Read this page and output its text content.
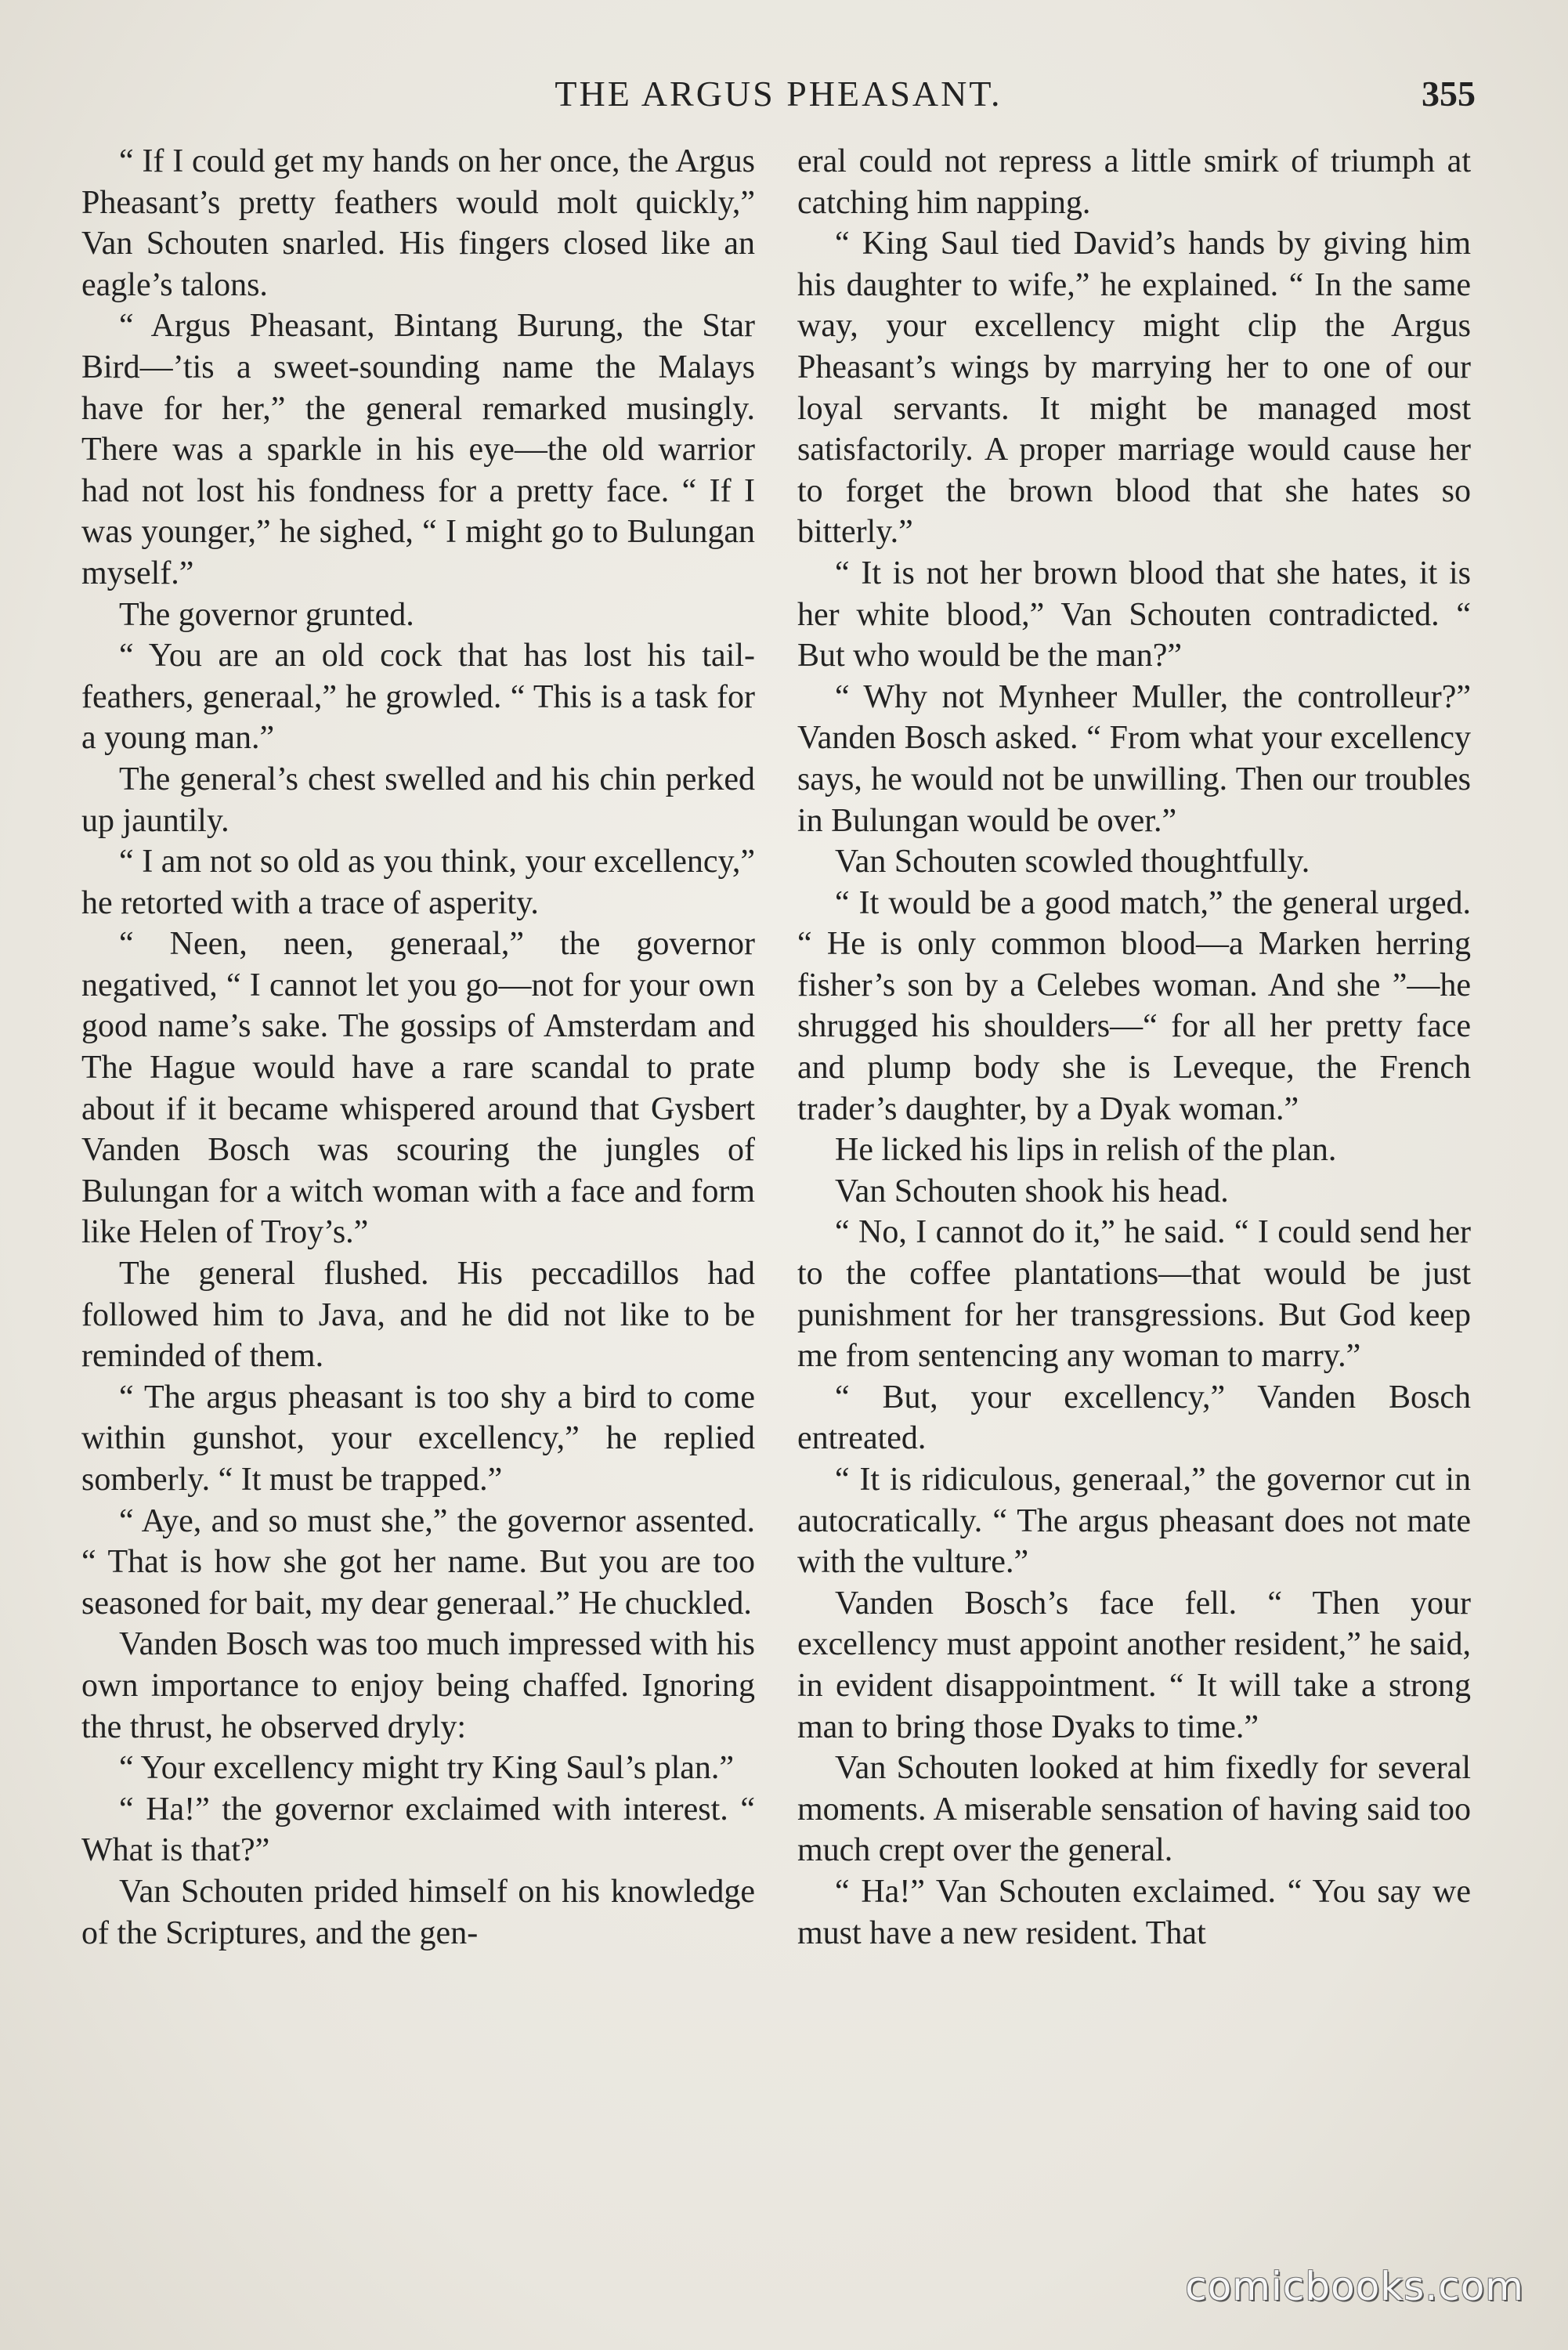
THE ARGUS PHEASANT.	355

“ If I could get my hands on her once, the Argus Pheasant’s pretty feathers would molt quickly,” Van Schouten snarled. His fingers closed like an eagle’s talons.

“ Argus Pheasant, Bintang Burung, the Star Bird—’tis a sweet-sounding name the Malays have for her,” the general remarked musingly. There was a sparkle in his eye—the old warrior had not lost his fondness for a pretty face. “ If I was younger,” he sighed, “ I might go to Bulungan myself.”

The governor grunted.

“ You are an old cock that has lost his tail-feathers, generaal,” he growled. “ This is a task for a young man.”

The general’s chest swelled and his chin perked up jauntily.

“ I am not so old as you think, your excellency,” he retorted with a trace of asperity.

“ Neen, neen, generaal,” the governor negatived, “ I cannot let you go—not for your own good name’s sake. The gossips of Amsterdam and The Hague would have a rare scandal to prate about if it became whispered around that Gysbert Vanden Bosch was scouring the jungles of Bulungan for a witch woman with a face and form like Helen of Troy’s.”

The general flushed. His peccadillos had followed him to Java, and he did not like to be reminded of them.

“ The argus pheasant is too shy a bird to come within gunshot, your excellency,” he replied somberly. “ It must be trapped.”

“ Aye, and so must she,” the governor assented. “ That is how she got her name. But you are too seasoned for bait, my dear generaal.” He chuckled.

Vanden Bosch was too much impressed with his own importance to enjoy being chaffed. Ignoring the thrust, he observed dryly:

“ Your excellency might try King Saul’s plan.”

“ Ha!” the governor exclaimed with interest. “ What is that?”

Van Schouten prided himself on his knowledge of the Scriptures, and the gen-

eral could not repress a little smirk of triumph at catching him napping.

“ King Saul tied David’s hands by giving him his daughter to wife,” he explained. “ In the same way, your excellency might clip the Argus Pheasant’s wings by marrying her to one of our loyal servants. It might be managed most satisfactorily. A proper marriage would cause her to forget the brown blood that she hates so bitterly.”

“ It is not her brown blood that she hates, it is her white blood,” Van Schouten contradicted. “ But who would be the man?”

“ Why not Mynheer Muller, the controlleur?” Vanden Bosch asked. “ From what your excellency says, he would not be unwilling. Then our troubles in Bulungan would be over.”

Van Schouten scowled thoughtfully.

“ It would be a good match,” the general urged. “ He is only common blood—a Marken herring fisher’s son by a Celebes woman. And she ”—he shrugged his shoulders—“ for all her pretty face and plump body she is Leveque, the French trader’s daughter, by a Dyak woman.”

He licked his lips in relish of the plan.

Van Schouten shook his head.

“ No, I cannot do it,” he said. “ I could send her to the coffee plantations—that would be just punishment for her transgressions. But God keep me from sentencing any woman to marry.”

“ But, your excellency,” Vanden Bosch entreated.

“ It is ridiculous, generaal,” the governor cut in autocratically. “ The argus pheasant does not mate with the vulture.”

Vanden Bosch’s face fell. “ Then your excellency must appoint another resident,” he said, in evident disappointment. “ It will take a strong man to bring those Dyaks to time.”

Van Schouten looked at him fixedly for several moments. A miserable sensation of having said too much crept over the general.

“ Ha!” Van Schouten exclaimed. “ You say we must have a new resident. That

comicbooks.com
